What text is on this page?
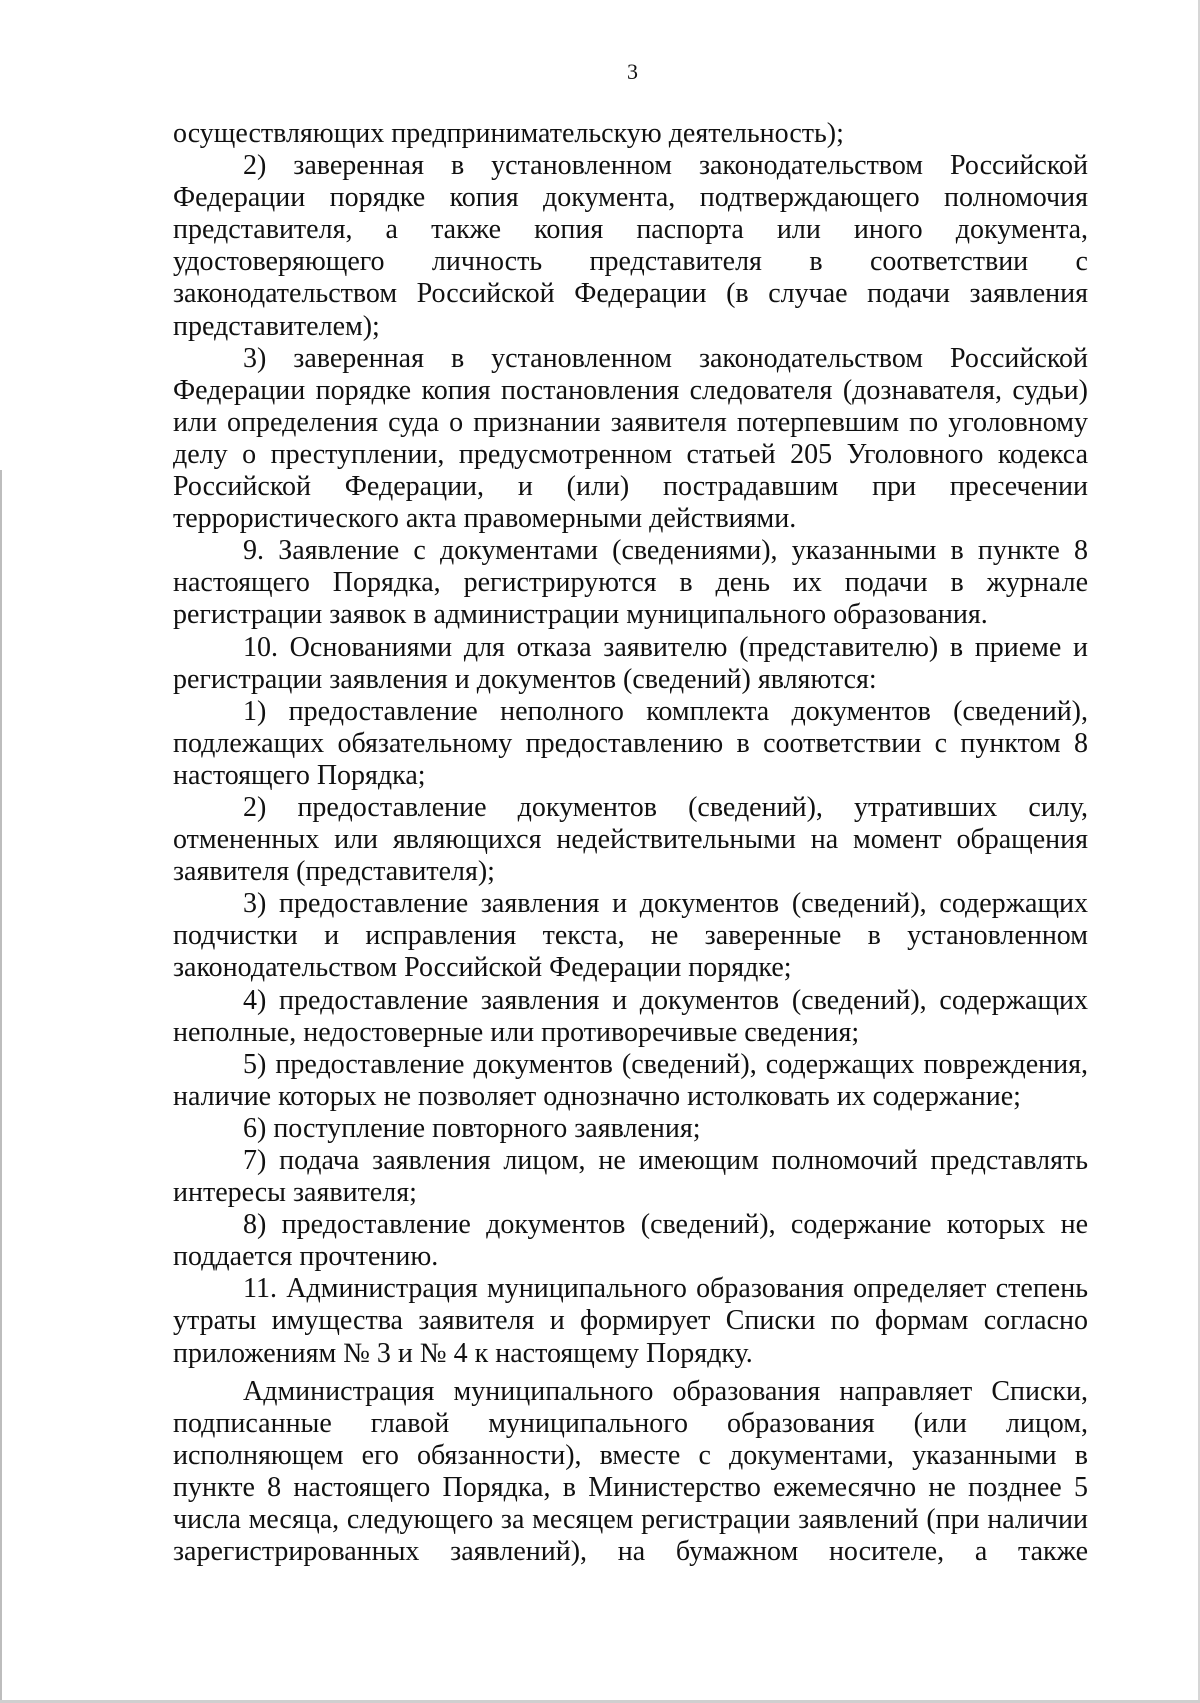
3

осуществляющих предпринимательскую деятельность);

2) заверенная в установленном законодательством Российской Федерации порядке копия документа, подтверждающего полномочия представителя, а также копия паспорта или иного документа, удостоверяющего личность представителя в соответствии с законодательством Российской Федерации (в случае подачи заявления представителем);

3) заверенная в установленном законодательством Российской Федерации порядке копия постановления следователя (дознавателя, судьи) или определения суда о признании заявителя потерпевшим по уголовному делу о преступлении, предусмотренном статьей 205 Уголовного кодекса Российской Федерации, и (или) пострадавшим при пресечении террористического акта правомерными действиями.

9. Заявление с документами (сведениями), указанными в пункте 8 настоящего Порядка, регистрируются в день их подачи в журнале регистрации заявок в администрации муниципального образования.

10. Основаниями для отказа заявителю (представителю) в приеме и регистрации заявления и документов (сведений) являются:

1) предоставление неполного комплекта документов (сведений), подлежащих обязательному предоставлению в соответствии с пунктом 8 настоящего Порядка;

2) предоставление документов (сведений), утративших силу, отмененных или являющихся недействительными на момент обращения заявителя (представителя);

3) предоставление заявления и документов (сведений), содержащих подчистки и исправления текста, не заверенные в установленном законодательством Российской Федерации порядке;

4) предоставление заявления и документов (сведений), содержащих неполные, недостоверные или противоречивые сведения;

5) предоставление документов (сведений), содержащих повреждения, наличие которых не позволяет однозначно истолковать их содержание;

6) поступление повторного заявления;

7) подача заявления лицом, не имеющим полномочий представлять интересы заявителя;

8) предоставление документов (сведений), содержание которых не поддается прочтению.

11. Администрация муниципального образования определяет степень утраты имущества заявителя и формирует Списки по формам согласно приложениям № 3 и № 4 к настоящему Порядку.

Администрация муниципального образования направляет Списки, подписанные главой муниципального образования (или лицом, исполняющем его обязанности), вместе с документами, указанными в пункте 8 настоящего Порядка, в Министерство ежемесячно не позднее 5 числа месяца, следующего за месяцем регистрации заявлений (при наличии зарегистрированных заявлений), на бумажном носителе, а также
